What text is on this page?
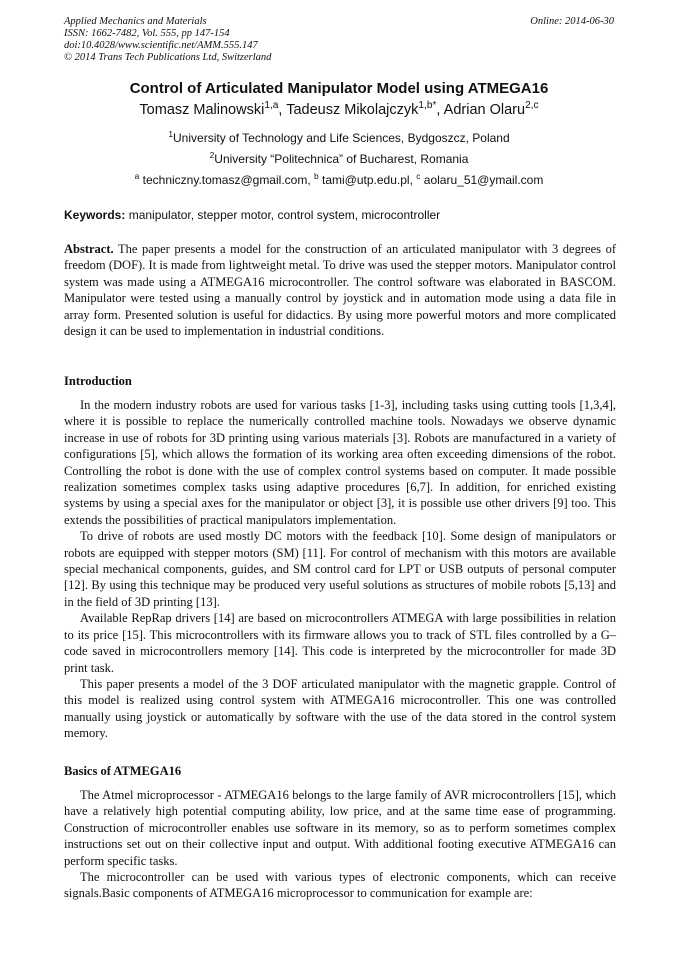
Applied Mechanics and Materials
ISSN: 1662-7482, Vol. 555, pp 147-154
doi:10.4028/www.scientific.net/AMM.555.147
© 2014 Trans Tech Publications Ltd, Switzerland
Online: 2014-06-30
Control of Articulated Manipulator Model using ATMEGA16
Tomasz Malinowski$^{1,a}$, Tadeusz Mikolajczyk$^{1,b*}$, Adrian Olaru$^{2,c}$
$^1$University of Technology and Life Sciences, Bydgoszcz, Poland
$^2$University “Politechnica” of Bucharest, Romania
$^a$ techniczny.tomasz@gmail.com, $^b$ tami@utp.edu.pl, $^c$ aolaru_51@ymail.com
Keywords: manipulator, stepper motor, control system, microcontroller

Abstract. The paper presents a model for the construction of an articulated manipulator with 3 degrees of freedom (DOF). It is made from lightweight metal. To drive was used the stepper motors. Manipulator control system was made using a ATMEGA16 microcontroller. The control software was elaborated in BASCOM. Manipulator were tested using a manually control by joystick and in automation mode using a data file in array form. Presented solution is useful for didactics. By using more powerful motors and more complicated design it can be used to implementation in industrial conditions.

Introduction

In the modern industry robots are used for various tasks [1-3], including tasks using cutting tools [1,3,4], where it is possible to replace the numerically controlled machine tools. Nowadays we observe dynamic increase in use of robots for 3D printing using various materials [3]. Robots are manufactured in a variety of configurations [5], which allows the formation of its working area often exceeding dimensions of the robot. Controlling the robot is done with the use of complex control systems based on computer. It made possible realization sometimes complex tasks using adaptive procedures [6,7]. In addition, for enriched existing systems by using a special axes for the manipulator or object [3], it is possible use other drivers [9] too. This extends the possibilities of practical manipulators implementation.

To drive of robots are used mostly DC motors with the feedback [10]. Some design of manipulators or robots are equipped with stepper motors (SM) [11]. For control of mechanism with this motors are available special mechanical components, guides, and SM control card for LPT or USB outputs of personal computer [12]. By using this technique may be produced very useful solutions as structures of mobile robots [5,13] and in the field of 3D printing [13].

Available RepRap drivers [14] are based on microcontrollers ATMEGA with large possibilities in relation to its price [15]. This microcontrollers with its firmware allows you to track of STL files controlled by a G–code saved in microcontrollers memory [14]. This code is interpreted by the microcontroller for made 3D print task.

This paper presents a model of the 3 DOF articulated manipulator with the magnetic grapple. Control of this model is realized using control system with ATMEGA16 microcontroller. This one was controlled manually using joystick or automatically by software with the use of the data stored in the control system memory.

Basics of ATMEGA16

The Atmel microprocessor - ATMEGA16 belongs to the large family of AVR microcontrollers [15], which have a relatively high potential computing ability, low price, and at the same time ease of programming. Construction of microcontroller enables use software in its memory, so as to perform sometimes complex instructions set out on their collective input and output. With additional footing executive ATMEGA16 can perform specific tasks.

The microcontroller can be used with various types of electronic components, which can receive signals.Basic components of ATMEGA16 microprocessor to communication for example are:
